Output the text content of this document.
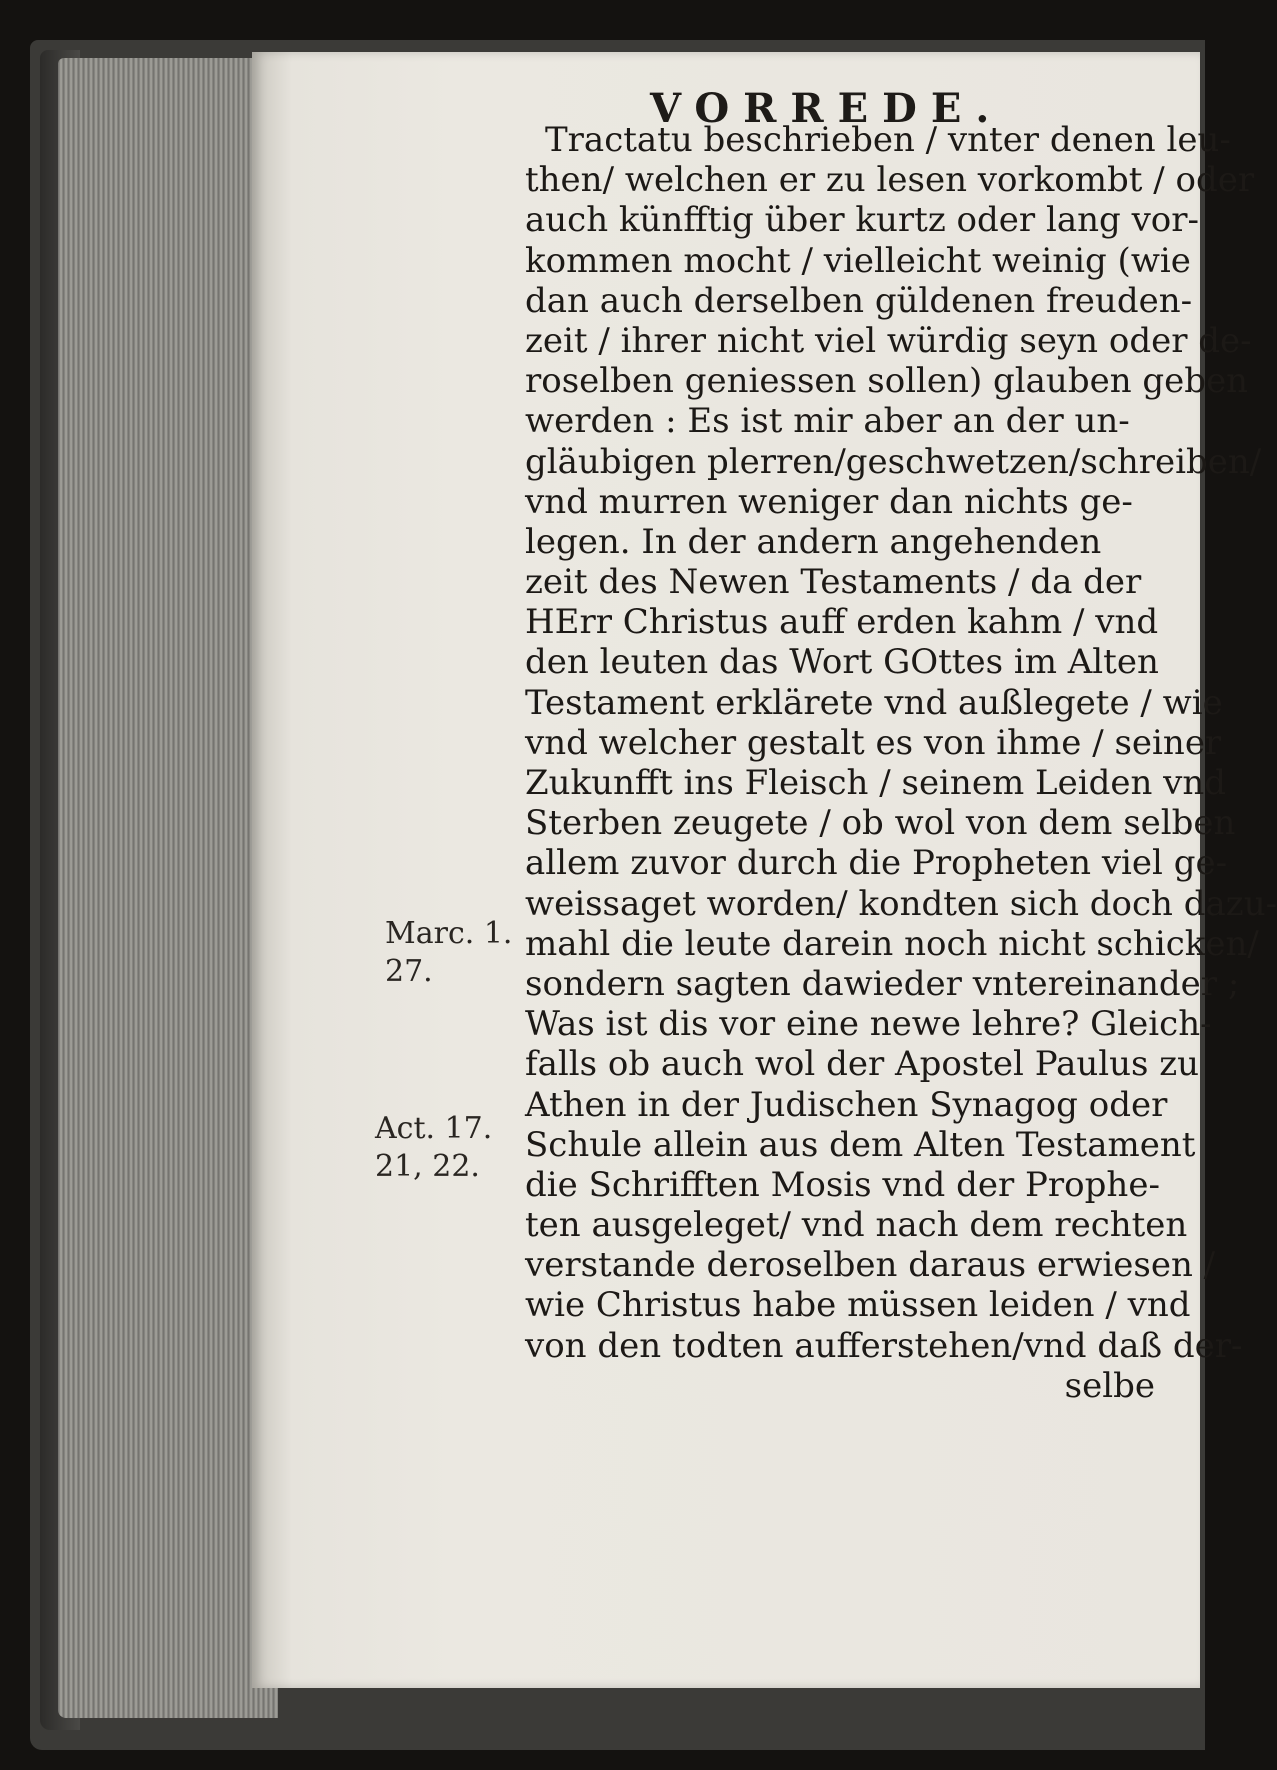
VORREDE.
Marc. 1.
27.
Act. 17.
21, 22.
Tractatu beschrieben / vnter denen leu-
then/ welchen er zu lesen vorkombt / oder
auch künfftig über kurtz oder lang vor-
kommen mocht / vielleicht weinig (wie
dan auch derselben güldenen freuden-
zeit / ihrer nicht viel würdig seyn oder de-
roselben geniessen sollen) glauben geben
werden : Es ist mir aber an der un-
gläubigen plerren/geschwetzen/schreiben/
vnd murren weniger dan nichts ge-
legen. In der andern angehenden
zeit des Newen Testaments / da der
HErr Christus auff erden kahm / vnd
den leuten das Wort GOttes im Alten
Testament erklärete vnd außlegete / wie
vnd welcher gestalt es von ihme / seiner
Zukunfft ins Fleisch / seinem Leiden vnd
Sterben zeugete / ob wol von dem selben
allem zuvor durch die Propheten viel ge-
weissaget worden/ kondten sich doch dazu-
mahl die leute darein noch nicht schicken/
sondern sagten dawieder vntereinander ;
Was ist dis vor eine newe lehre? Gleich-
falls ob auch wol der Apostel Paulus zu
Athen in der Judischen Synagog oder
Schule allein aus dem Alten Testament
die Schrifften Mosis vnd der Prophe-
ten ausgeleget/ vnd nach dem rechten
verstande deroselben daraus erwiesen /
wie Christus habe müssen leiden / vnd
von den todten aufferstehen/vnd daß der-
selbe
